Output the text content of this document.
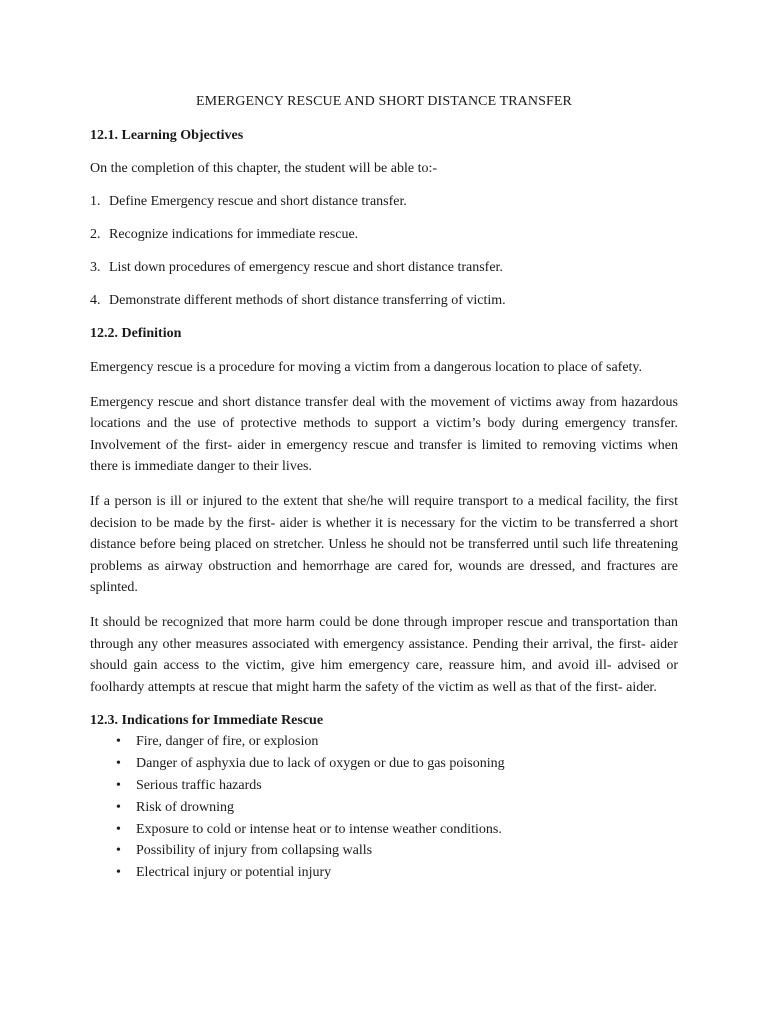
EMERGENCY RESCUE AND SHORT DISTANCE TRANSFER
12.1. Learning Objectives
On the completion of this chapter, the student will be able to:-
1. Define Emergency rescue and short distance transfer.
2. Recognize indications for immediate rescue.
3. List down procedures of emergency rescue and short distance transfer.
4. Demonstrate different methods of short distance transferring of victim.
12.2. Definition

Emergency rescue is a procedure for moving a victim from a dangerous location to place of safety.

Emergency rescue and short distance transfer deal with the movement of victims away from hazardous locations and the use of protective methods to support a victim’s body during emergency transfer. Involvement of the first- aider in emergency rescue and transfer is limited to removing victims when there is immediate danger to their lives.

If a person is ill or injured to the extent that she/he will require transport to a medical facility, the first decision to be made by the first- aider is whether it is necessary for the victim to be transferred a short distance before being placed on stretcher. Unless he should not be transferred until such life threatening problems as airway obstruction and hemorrhage are cared for, wounds are dressed, and fractures are splinted.

It should be recognized that more harm could be done through improper rescue and transportation than through any other measures associated with emergency assistance. Pending their arrival, the first- aider should gain access to the victim, give him emergency care, reassure him, and avoid ill- advised or foolhardy attempts at rescue that might harm the safety of the victim as well as that of the first- aider.

12.3. Indications for Immediate Rescue
•	Fire, danger of fire, or explosion
•	Danger of asphyxia due to lack of oxygen or due to gas poisoning
•	Serious traffic hazards
•	Risk of drowning
•	Exposure to cold or intense heat or to intense weather conditions.
•	Possibility of injury from collapsing walls
•	Electrical injury or potential injury
